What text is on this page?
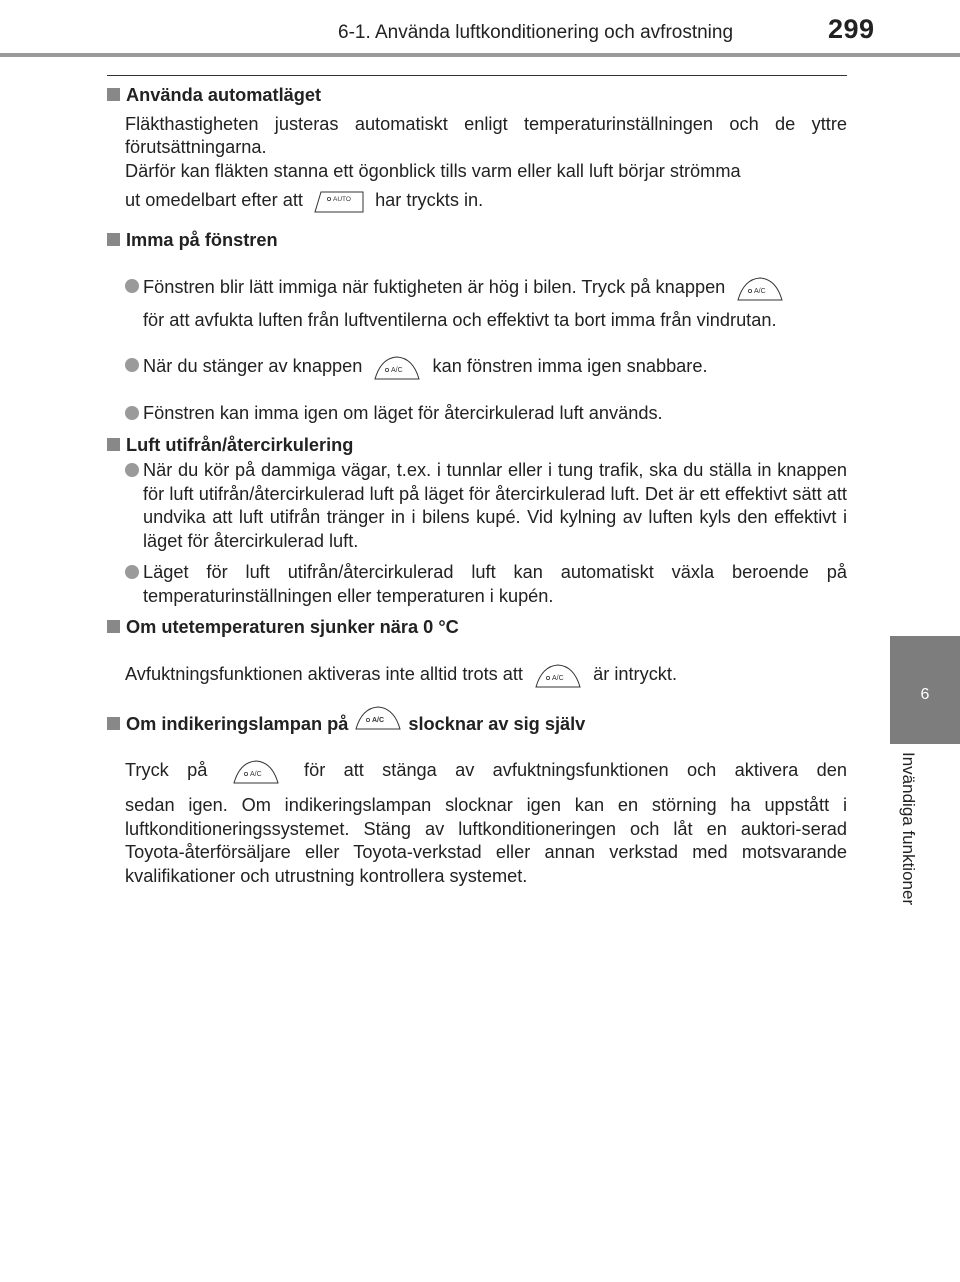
6-1. Använda luftkonditionering och avfrostning	299
6
Invändiga funktioner
Använda automatläget
Fläkthastigheten justeras automatiskt enligt temperaturinställningen och de yttre förutsättningarna.
Därför kan fläkten stanna ett ögonblick tills varm eller kall luft börjar strömma
ut omedelbart efter att	AUTO har tryckts in.
Imma på fönstren
Fönstren blir lätt immiga när fuktigheten är hög i bilen. Tryck på knappen	A/C
för att avfukta luften från luftventilerna och effektivt ta bort imma från vindrutan.
När du stänger av knappen	A/C kan fönstren imma igen snabbare.
Fönstren kan imma igen om läget för återcirkulerad luft används.
Luft utifrån/återcirkulering
När du kör på dammiga vägar, t.ex. i tunnlar eller i tung trafik, ska du ställa in knappen för luft utifrån/återcirkulerad luft på läget för återcirkulerad luft. Det är ett effektivt sätt att undvika att luft utifrån tränger in i bilens kupé. Vid kylning av luften kyls den effektivt i läget för återcirkulerad luft.
Läget för luft utifrån/återcirkulerad luft kan automatiskt växla beroende på temperaturinställningen eller temperaturen i kupén.
Om utetemperaturen sjunker nära 0 °C
Avfuktningsfunktionen aktiveras inte alltid trots att	A/C är intryckt.
Om indikeringslampan på	A/C slocknar av sig själv
Tryck på	A/C för att stänga av avfuktningsfunktionen och aktivera den
sedan igen. Om indikeringslampan slocknar igen kan en störning ha uppstått i luftkonditioneringssystemet. Stäng av luftkonditioneringen och låt en auktori-serad Toyota-återförsäljare eller Toyota-verkstad eller annan verkstad med motsvarande kvalifikationer och utrustning kontrollera systemet.
